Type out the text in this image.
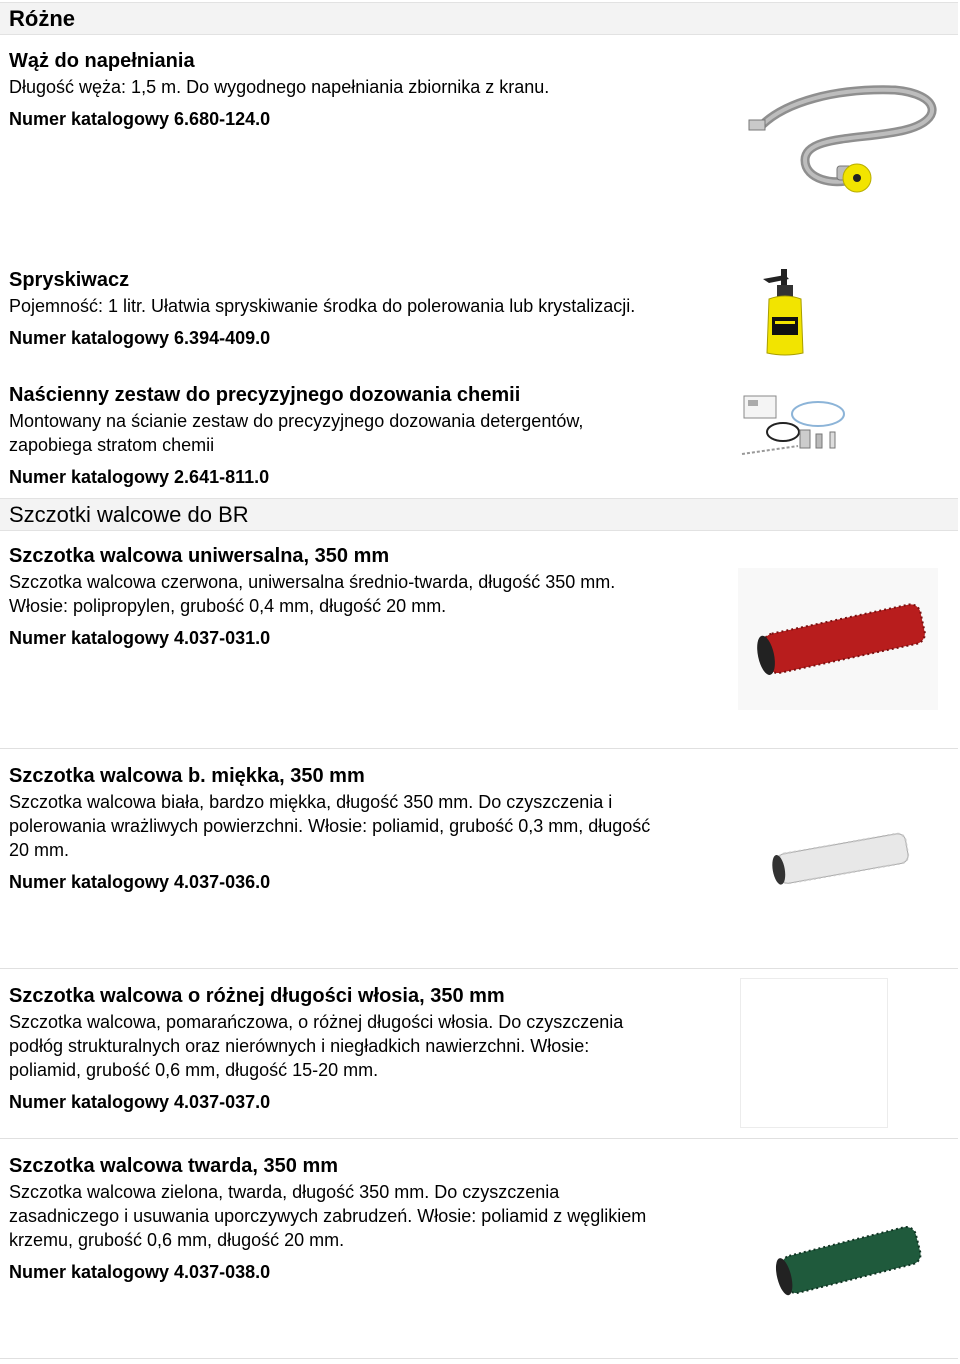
Różne
Wąż do napełniania
Długość węża: 1,5 m. Do wygodnego napełniania zbiornika z kranu.
Numer katalogowy 6.680-124.0
Spryskiwacz
Pojemność: 1 litr. Ułatwia spryskiwanie środka do polerowania lub krystalizacji.
Numer katalogowy 6.394-409.0
Naścienny zestaw do precyzyjnego dozowania chemii
Montowany na ścianie zestaw do precyzyjnego dozowania detergentów,
zapobiega stratom chemii
Numer katalogowy 2.641-811.0
Szczotki walcowe do BR
Szczotka walcowa uniwersalna, 350 mm
Szczotka walcowa czerwona, uniwersalna średnio-twarda, długość 350 mm.
Włosie: polipropylen, grubość 0,4 mm, długość 20 mm.
Numer katalogowy 4.037-031.0
Szczotka walcowa b. miękka, 350 mm
Szczotka walcowa biała, bardzo miękka, długość 350 mm. Do czyszczenia i
polerowania wrażliwych powierzchni. Włosie: poliamid, grubość 0,3 mm, długość
20 mm.
Numer katalogowy 4.037-036.0
Szczotka walcowa o różnej długości włosia, 350 mm
Szczotka walcowa, pomarańczowa, o różnej długości włosia. Do czyszczenia
podłóg strukturalnych oraz nierównych i niegładkich nawierzchni. Włosie:
poliamid, grubość 0,6 mm, długość 15-20 mm.
Numer katalogowy 4.037-037.0
Szczotka walcowa twarda, 350 mm
Szczotka walcowa zielona, twarda, długość 350 mm. Do czyszczenia
zasadniczego i usuwania uporczywych zabrudzeń. Włosie: poliamid z węglikiem
krzemu, grubość 0,6 mm, długość 20 mm.
Numer katalogowy 4.037-038.0
